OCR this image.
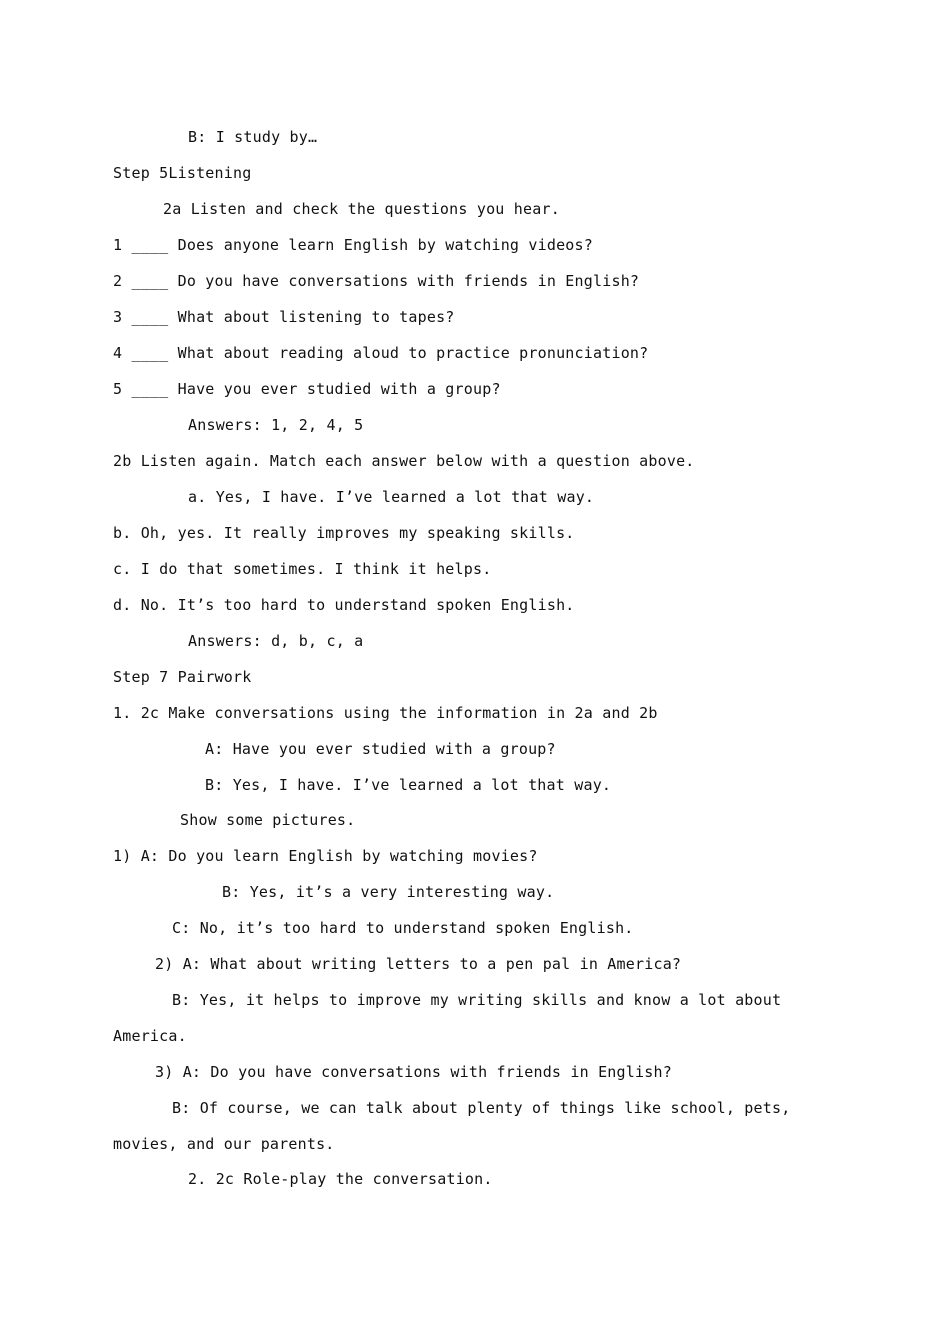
B: I study by…
Step 5Listening
2a Listen and check the questions you hear.
1 ____ Does anyone learn English by watching videos?
2 ____ Do you have conversations with friends in English?
3 ____ What about listening to tapes?
4 ____ What about reading aloud to practice pronunciation?
5 ____ Have you ever studied with a group?
Answers: 1, 2, 4, 5
2b Listen again. Match each answer below with a question above.
a. Yes, I have. I’ve learned a lot that way.
b. Oh, yes. It really improves my speaking skills.
c. I do that sometimes. I think it helps.
d. No. It’s too hard to understand spoken English.
Answers: d, b, c, a
Step 7 Pairwork
1. 2c Make conversations using the information in 2a and 2b
A: Have you ever studied with a group?
B: Yes, I have. I’ve learned a lot that way.
Show some pictures.
1) A: Do you learn English by watching movies?
B: Yes, it’s a very interesting way.
C: No, it’s too hard to understand spoken English.
2) A: What about writing letters to a pen pal in America?
B: Yes, it helps to improve my writing skills and know a lot about
America.
3) A: Do you have conversations with friends in English?
B: Of course, we can talk about plenty of things like school, pets,
movies, and our parents.
2. 2c Role-play the conversation.
